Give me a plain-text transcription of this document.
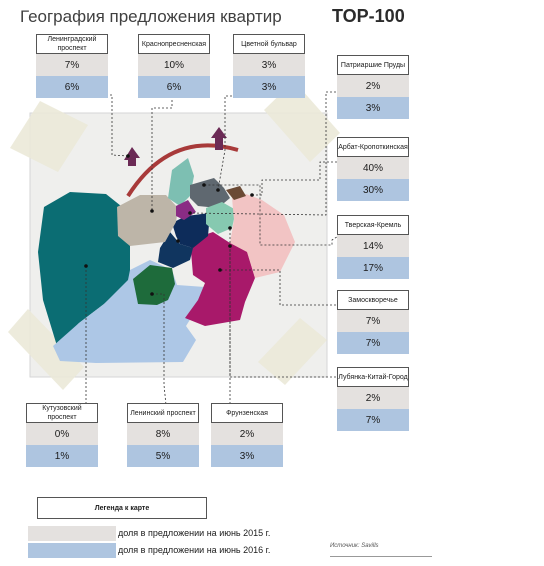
География предложения квартир	TOP-100
Ленинградский проспект
7%
6%
Краснопресненская
10%
6%
Цветной бульвар
3%
3%
Патриаршие Пруды
2%
3%
Арбат-Кропоткинская
40%
30%
Тверская-Кремль
14%
17%
Замоскворечье
7%
7%
Лубянка-Китай-Город
2%
7%
Кутузовский проспект
0%
1%
Ленинский проспект
8%
5%
Фрунзенская
2%
3%
Легенда к карте
доля в предложении на июнь 2015 г.
доля в предложении на июнь 2016 г.	Источник: Savills
